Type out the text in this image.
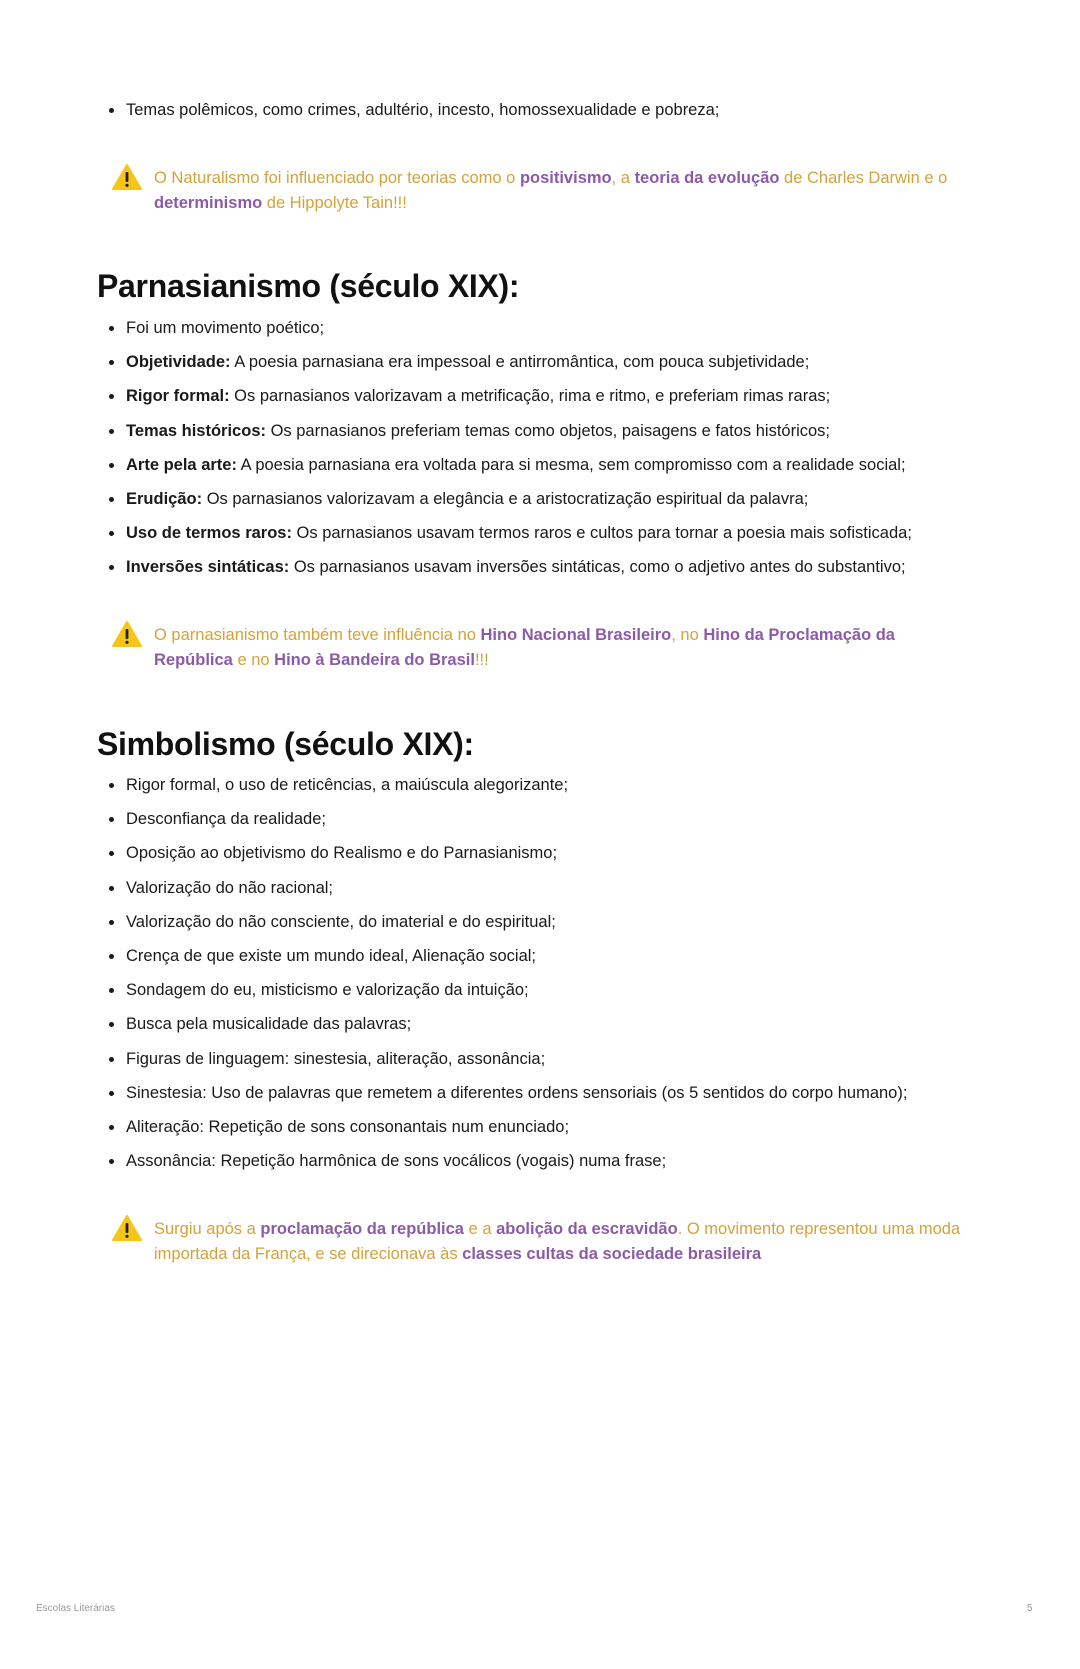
Temas polêmicos, como crimes, adultério, incesto, homossexualidade e pobreza;
O Naturalismo foi influenciado por teorias como o positivismo, a teoria da evolução de Charles Darwin e o determinismo de Hippolyte Tain!!!
Parnasianismo (século XIX):
Foi um movimento poético;
Objetividade: A poesia parnasiana era impessoal e antirromântica, com pouca subjetividade;
Rigor formal: Os parnasianos valorizavam a metrificação, rima e ritmo, e preferiam rimas raras;
Temas históricos: Os parnasianos preferiam temas como objetos, paisagens e fatos históricos;
Arte pela arte: A poesia parnasiana era voltada para si mesma, sem compromisso com a realidade social;
Erudição: Os parnasianos valorizavam a elegância e a aristocratização espiritual da palavra;
Uso de termos raros: Os parnasianos usavam termos raros e cultos para tornar a poesia mais sofisticada;
Inversões sintáticas: Os parnasianos usavam inversões sintáticas, como o adjetivo antes do substantivo;
O parnasianismo também teve influência no Hino Nacional Brasileiro, no Hino da Proclamação da República e no Hino à Bandeira do Brasil!!!
Simbolismo (século XIX):
Rigor formal, o uso de reticências, a maiúscula alegorizante;
Desconfiança da realidade;
Oposição ao objetivismo do Realismo e do Parnasianismo;
Valorização do não racional;
Valorização do não consciente, do imaterial e do espiritual;
Crença de que existe um mundo ideal, Alienação social;
Sondagem do eu, misticismo e valorização da intuição;
Busca pela musicalidade das palavras;
Figuras de linguagem: sinestesia, aliteração, assonância;
Sinestesia: Uso de palavras que remetem a diferentes ordens sensoriais (os 5 sentidos do corpo humano);
Aliteração: Repetição de sons consonantais num enunciado;
Assonância: Repetição harmônica de sons vocálicos (vogais) numa frase;
Surgiu após a proclamação da república e a abolição da escravidão. O movimento representou uma moda importada da França, e se direcionava às classes cultas da sociedade brasileira
Escolas Literárias	5
